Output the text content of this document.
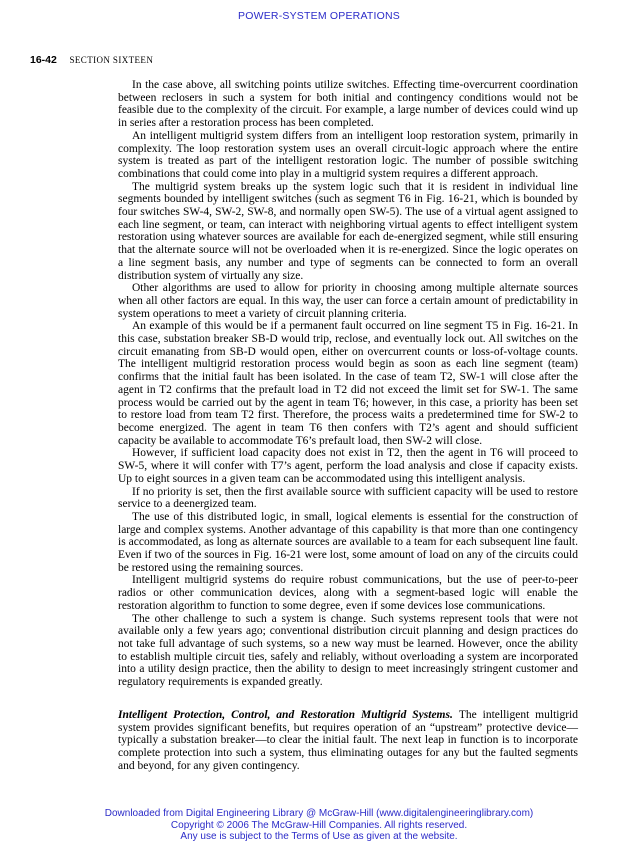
POWER-SYSTEM OPERATIONS
16-42 SECTION SIXTEEN

In the case above, all switching points utilize switches. Effecting time-overcurrent coordination between reclosers in such a system for both initial and contingency conditions would not be feasible due to the complexity of the circuit. For example, a large number of devices could wind up in series after a restoration process has been completed.

An intelligent multigrid system differs from an intelligent loop restoration system, primarily in complexity. The loop restoration system uses an overall circuit-logic approach where the entire system is treated as part of the intelligent restoration logic. The number of possible switching combinations that could come into play in a multigrid system requires a different approach.

The multigrid system breaks up the system logic such that it is resident in individual line segments bounded by intelligent switches (such as segment T6 in Fig. 16-21, which is bounded by four switches SW-4, SW-2, SW-8, and normally open SW-5). The use of a virtual agent assigned to each line segment, or team, can interact with neighboring virtual agents to effect intelligent system restoration using whatever sources are available for each de-energized segment, while still ensuring that the alternate source will not be overloaded when it is re-energized. Since the logic operates on a line segment basis, any number and type of segments can be connected to form an overall distribution system of virtually any size.

Other algorithms are used to allow for priority in choosing among multiple alternate sources when all other factors are equal. In this way, the user can force a certain amount of predictability in system operations to meet a variety of circuit planning criteria.

An example of this would be if a permanent fault occurred on line segment T5 in Fig. 16-21. In this case, substation breaker SB-D would trip, reclose, and eventually lock out. All switches on the circuit emanating from SB-D would open, either on overcurrent counts or loss-of-voltage counts. The intelligent multigrid restoration process would begin as soon as each line segment (team) confirms that the initial fault has been isolated. In the case of team T2, SW-1 will close after the agent in T2 confirms that the prefault load in T2 did not exceed the limit set for SW-1. The same process would be carried out by the agent in team T6; however, in this case, a priority has been set to restore load from team T2 first. Therefore, the process waits a predetermined time for SW-2 to become energized. The agent in team T6 then confers with T2’s agent and should sufficient capacity be available to accommodate T6’s prefault load, then SW-2 will close.

However, if sufficient load capacity does not exist in T2, then the agent in T6 will proceed to SW-5, where it will confer with T7’s agent, perform the load analysis and close if capacity exists. Up to eight sources in a given team can be accommodated using this intelligent analysis.

If no priority is set, then the first available source with sufficient capacity will be used to restore service to a deenergized team.

The use of this distributed logic, in small, logical elements is essential for the construction of large and complex systems. Another advantage of this capability is that more than one contingency is accommodated, as long as alternate sources are available to a team for each subsequent line fault. Even if two of the sources in Fig. 16-21 were lost, some amount of load on any of the circuits could be restored using the remaining sources.

Intelligent multigrid systems do require robust communications, but the use of peer-to-peer radios or other communication devices, along with a segment-based logic will enable the restoration algorithm to function to some degree, even if some devices lose communications.

The other challenge to such a system is change. Such systems represent tools that were not available only a few years ago; conventional distribution circuit planning and design practices do not take full advantage of such systems, so a new way must be learned. However, once the ability to establish multiple circuit ties, safely and reliably, without overloading a system are incorporated into a utility design practice, then the ability to design to meet increasingly stringent customer and regulatory requirements is expanded greatly.

Intelligent Protection, Control, and Restoration Multigrid Systems. The intelligent multigrid system provides significant benefits, but requires operation of an “upstream” protective device—typically a substation breaker—to clear the initial fault. The next leap in function is to incorporate complete protection into such a system, thus eliminating outages for any but the faulted segments and beyond, for any given contingency.

Downloaded from Digital Engineering Library @ McGraw-Hill (www.digitalengineeringlibrary.com)
Copyright © 2006 The McGraw-Hill Companies. All rights reserved.
Any use is subject to the Terms of Use as given at the website.
